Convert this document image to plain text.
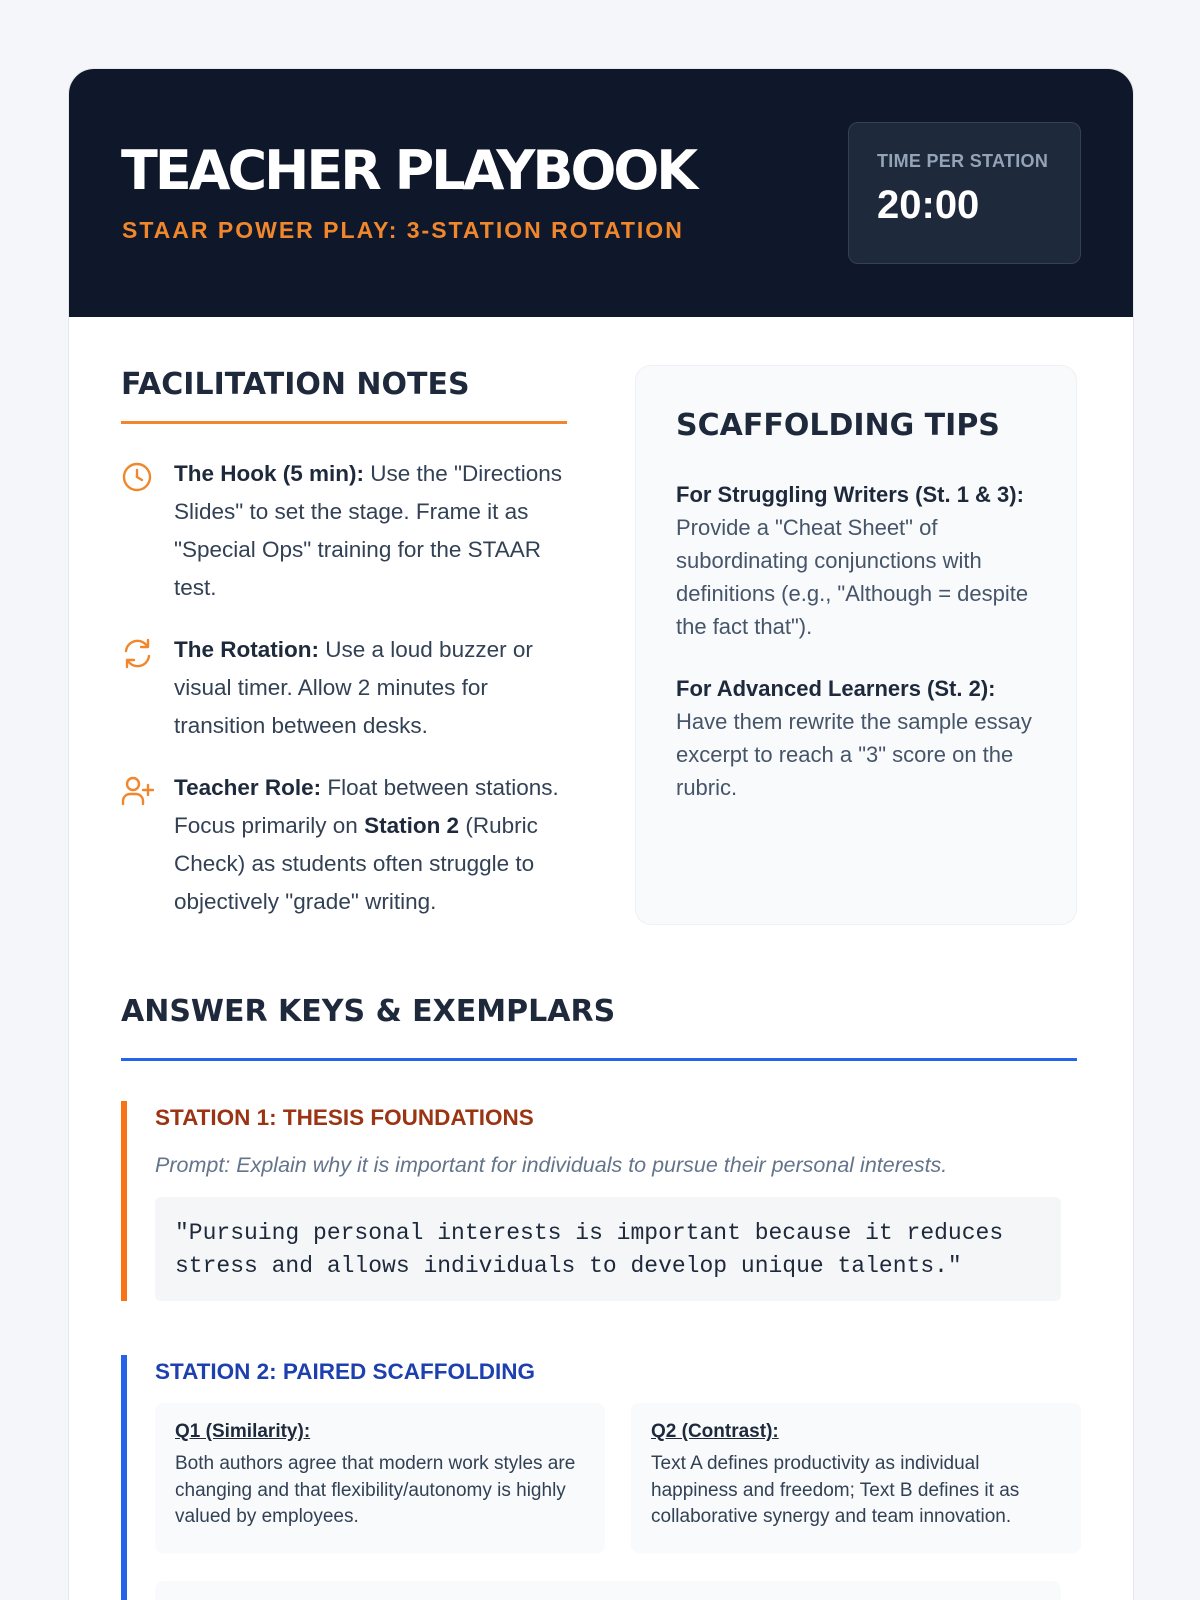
TEACHER PLAYBOOK
STAAR POWER PLAY: 3-STATION ROTATION
TIME PER STATION
20:00
FACILITATION NOTES
The Hook (5 min): Use the "Directions Slides" to set the stage. Frame it as "Special Ops" training for the STAAR test.
The Rotation: Use a loud buzzer or visual timer. Allow 2 minutes for transition between desks.
Teacher Role: Float between stations. Focus primarily on Station 2 (Rubric Check) as students often struggle to objectively "grade" writing.
SCAFFOLDING TIPS
For Struggling Writers (St. 1 & 3):
Provide a "Cheat Sheet" of subordinating conjunctions with definitions (e.g., "Although = despite the fact that").
For Advanced Learners (St. 2):
Have them rewrite the sample essay excerpt to reach a "3" score on the rubric.
ANSWER KEYS & EXEMPLARS
STATION 1: THESIS FOUNDATIONS
Prompt: Explain why it is important for individuals to pursue their personal interests.
"Pursuing personal interests is important because it reduces stress and allows individuals to develop unique talents."
STATION 2: PAIRED SCAFFOLDING
Q1 (Similarity):
Both authors agree that modern work styles are changing and that flexibility/autonomy is highly valued by employees.
Q2 (Contrast):
Text A defines productivity as individual happiness and freedom; Text B defines it as collaborative synergy and team innovation.
